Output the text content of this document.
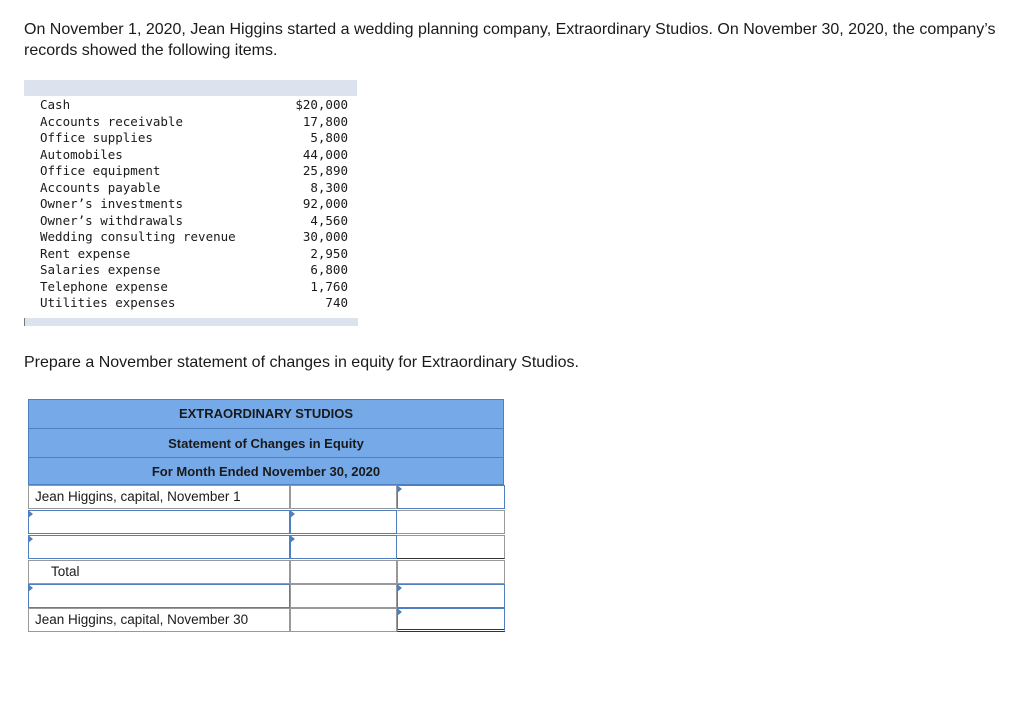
On November 1, 2020, Jean Higgins started a wedding planning company, Extraordinary Studios. On November 30, 2020, the company’s records showed the following items.

Cash	$20,000
Accounts receivable	17,800
Office supplies	5,800
Automobiles	44,000
Office equipment	25,890
Accounts payable	8,300
Owner’s investments	92,000
Owner’s withdrawals	4,560
Wedding consulting revenue	30,000
Rent expense	2,950
Salaries expense	6,800
Telephone expense	1,760
Utilities expenses	740

Prepare a November statement of changes in equity for Extraordinary Studios.

EXTRAORDINARY STUDIOS
Statement of Changes in Equity
For Month Ended November 30, 2020
Jean Higgins, capital, November 1
Total
Jean Higgins, capital, November 30
